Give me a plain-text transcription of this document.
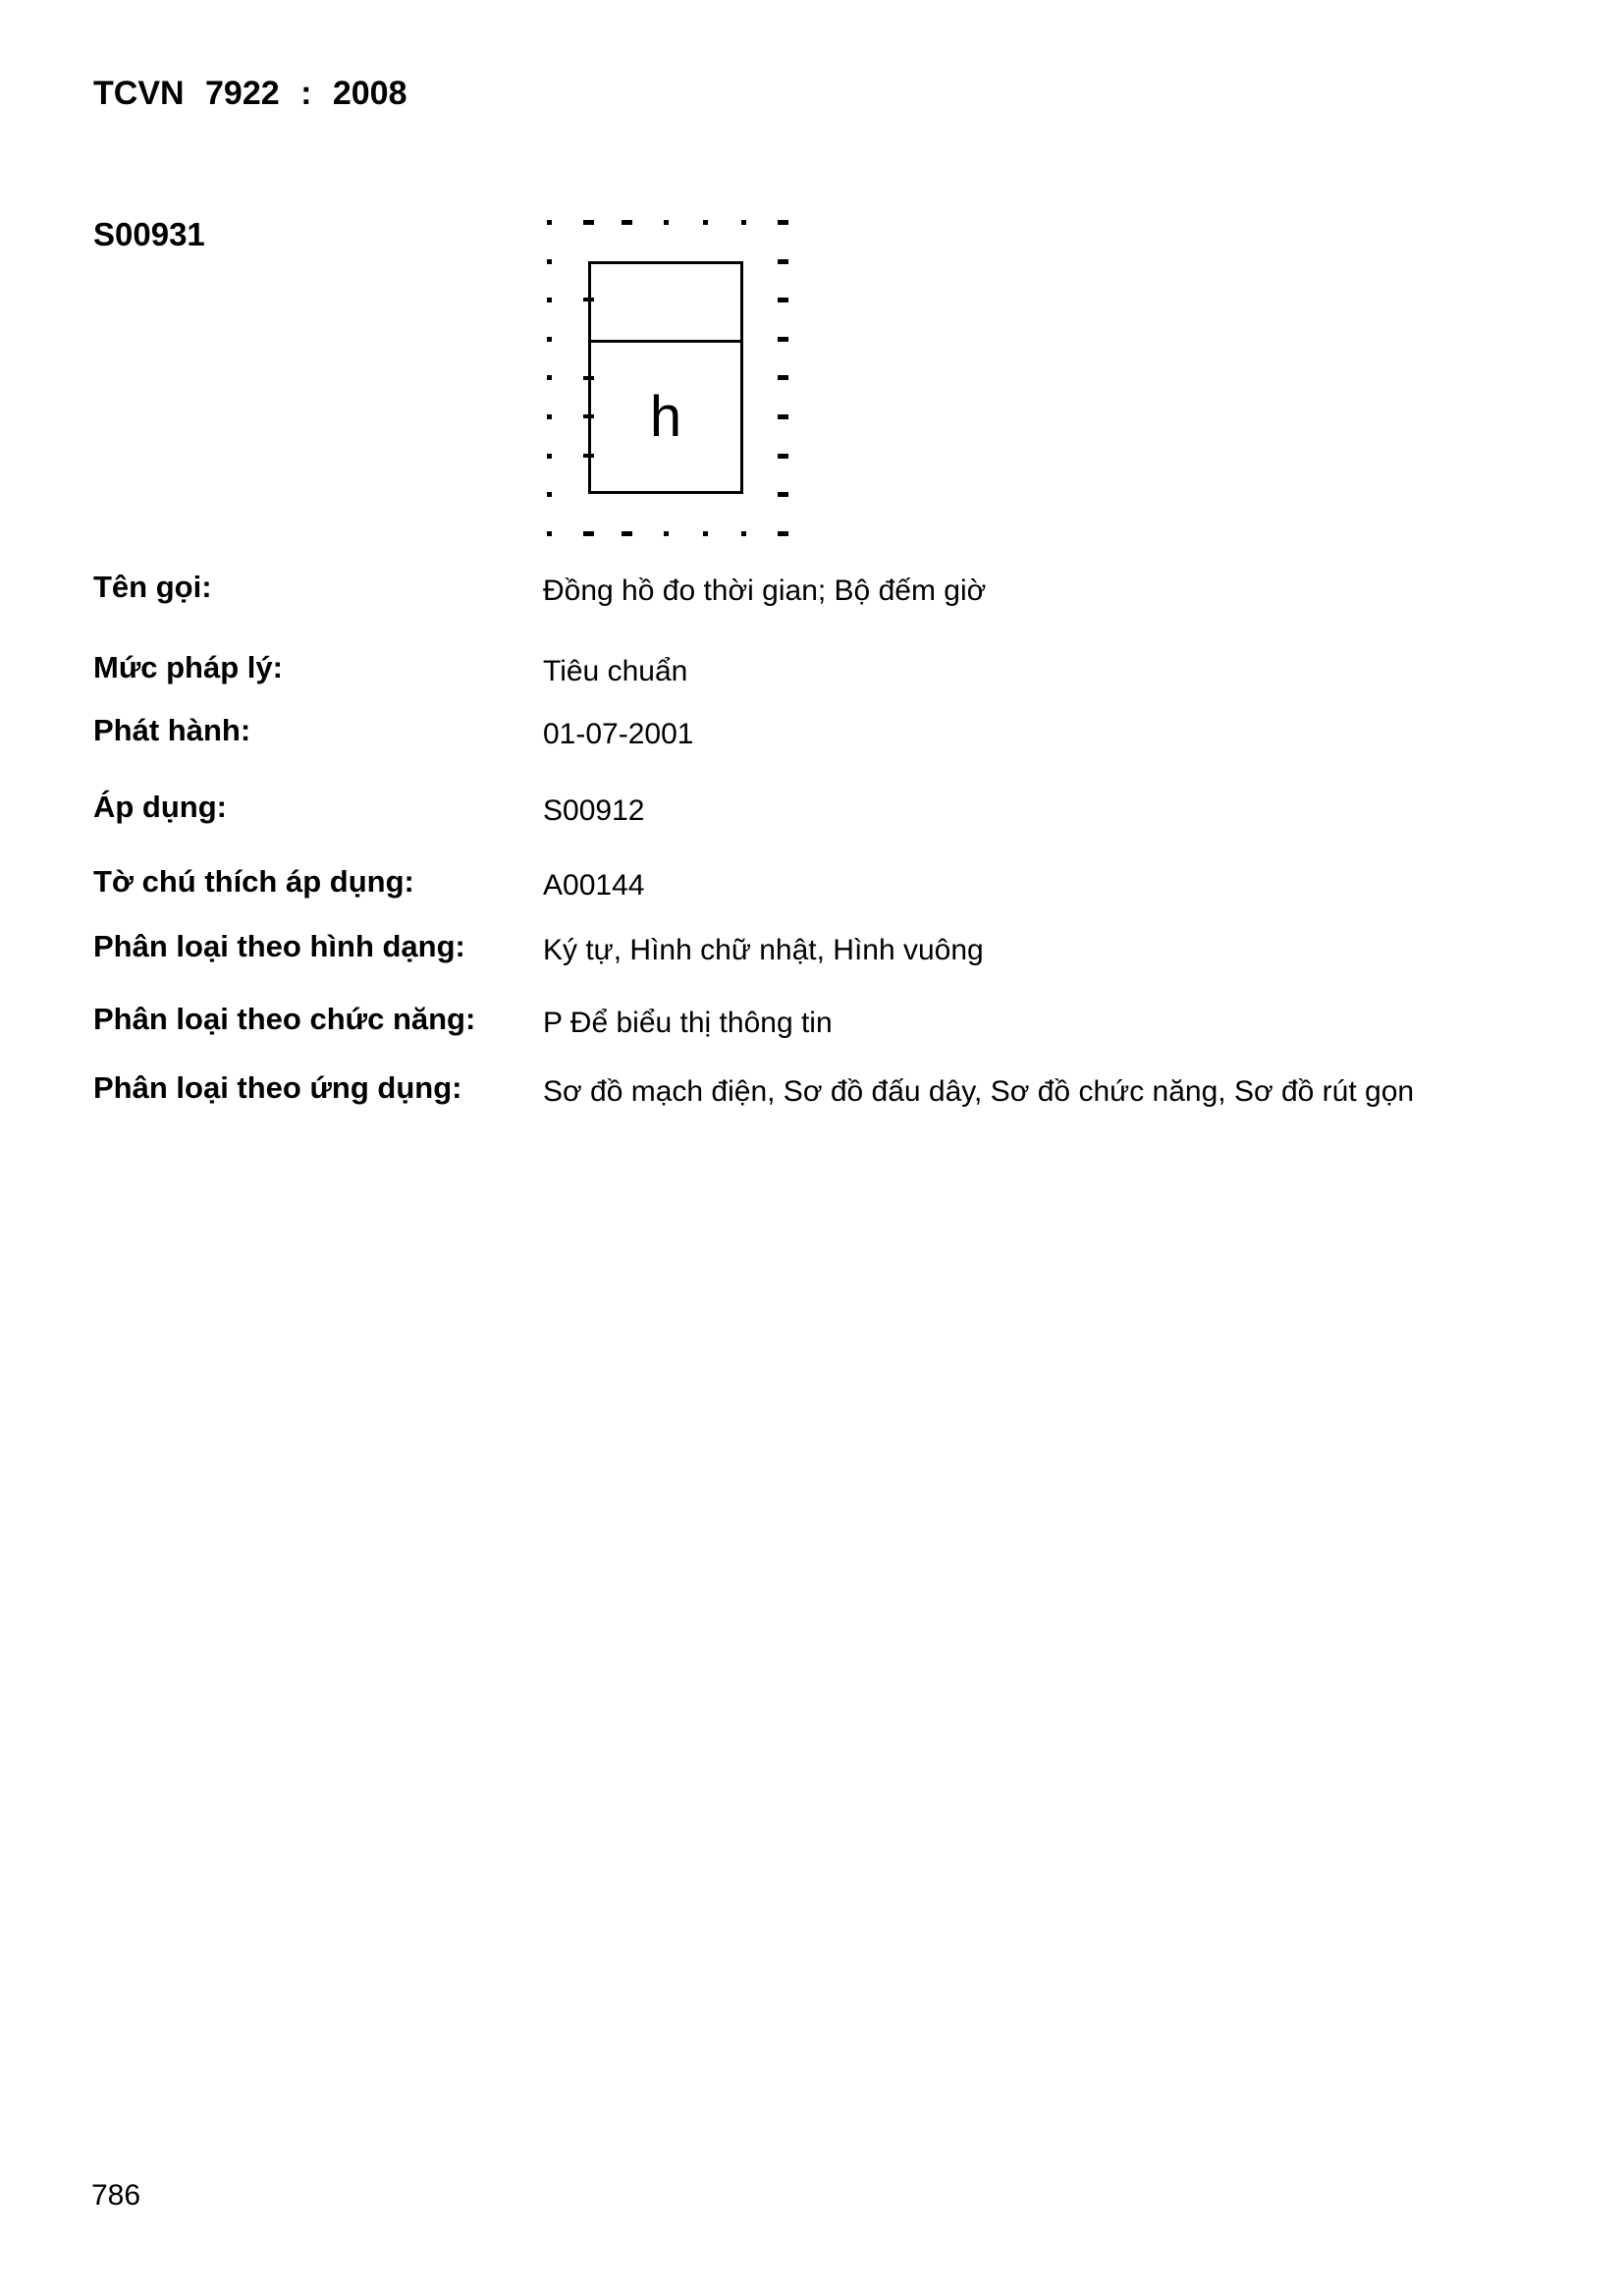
TCVN 7922 : 2008
S00931
h
Tên gọi:	Đồng hồ đo thời gian; Bộ đếm giờ
Mức pháp lý:	Tiêu chuẩn
Phát hành:	01-07-2001
Áp dụng:	S00912
Tờ chú thích áp dụng:	A00144
Phân loại theo hình dạng:	Ký tự, Hình chữ nhật, Hình vuông
Phân loại theo chức năng: P Để biểu thị thông tin
Phân loại theo ứng dụng:	Sơ đồ mạch điện, Sơ đồ đấu dây, Sơ đồ chức năng, Sơ đồ rút gọn
786
